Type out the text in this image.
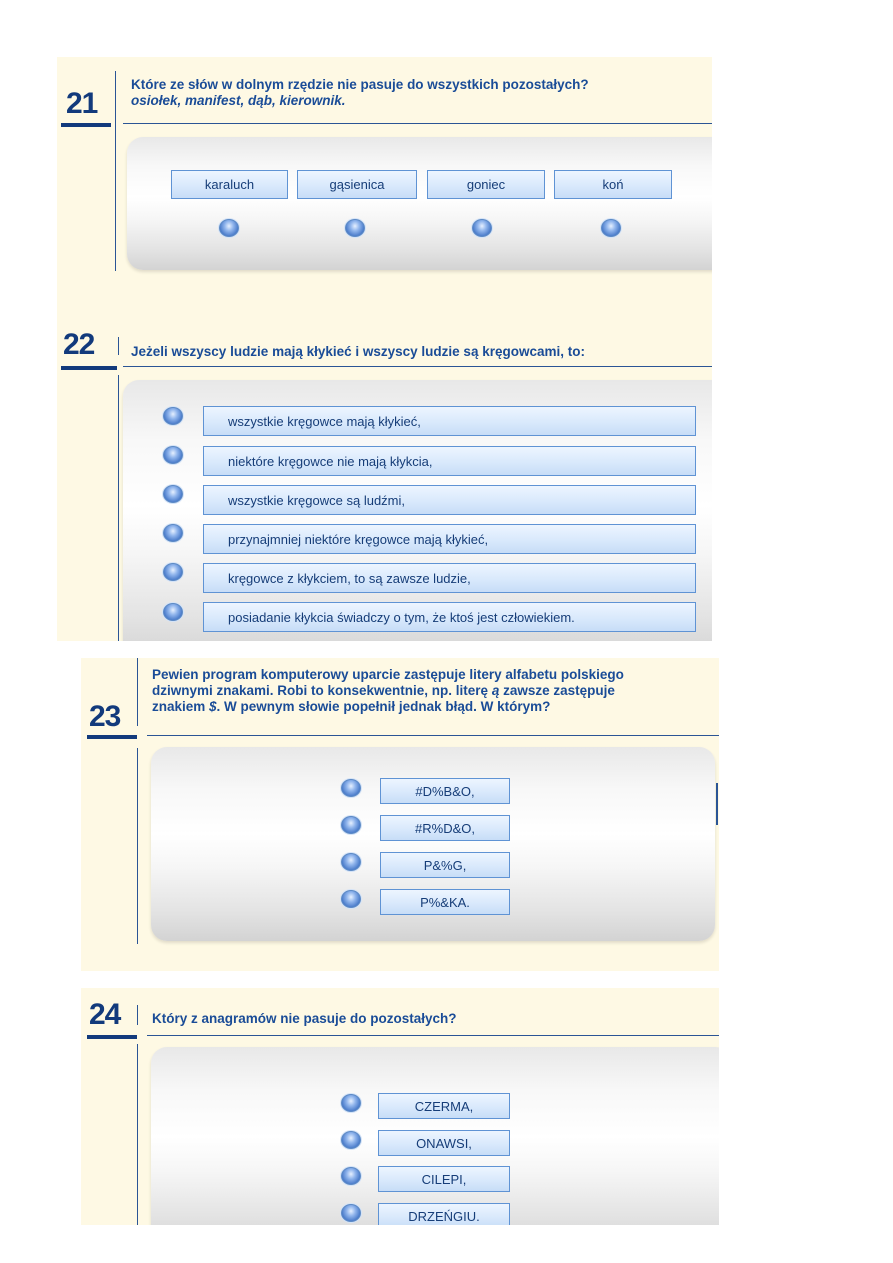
21
Które ze słów w dolnym rzędzie nie pasuje do wszystkich pozostałych?
osiołek, manifest, dąb, kierownik.
karaluch	gąsienica	goniec	koń
22	Jeżeli wszyscy ludzie mają kłykieć i wszyscy ludzie są kręgowcami, to:
wszystkie kręgowce mają kłykieć,
niektóre kręgowce nie mają kłykcia,
wszystkie kręgowce są ludźmi,
przynajmniej niektóre kręgowce mają kłykieć,
kręgowce z kłykciem, to są zawsze ludzie,
posiadanie kłykcia świadczy o tym, że ktoś jest człowiekiem.
23
Pewien program komputerowy uparcie zastępuje litery alfabetu polskiego
dziwnymi znakami. Robi to konsekwentnie, np. literę ą zawsze zastępuje
znakiem $. W pewnym słowie popełnił jednak błąd. W którym?
#D%B&O,
#R%D&O,
P&%G,
P%&KA.
24 Który z anagramów nie pasuje do pozostałych?
CZERMA,
ONAWSI,
CILEPI,
DRZEŃGIU.
